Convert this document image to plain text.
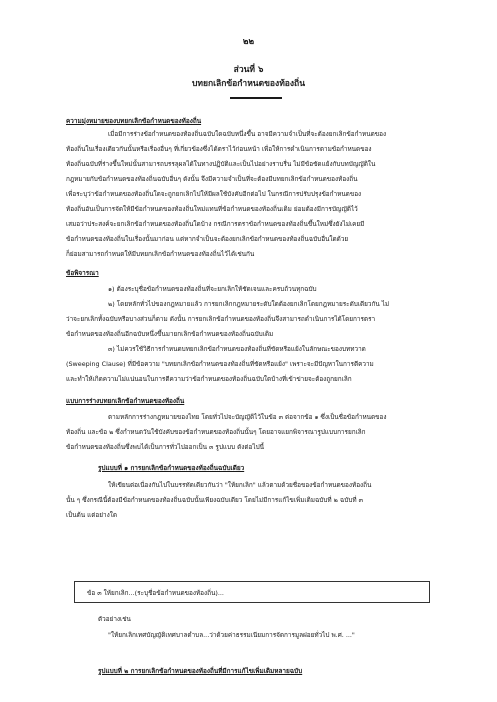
๒๒
ส่วนที่ ๖
บทยกเลิกข้อกำหนดของท้องถิ่น
ความมุ่งหมายของบทยกเลิกข้อกำหนดของท้องถิ่น
เมื่อมีการร่างข้อกำหนดของท้องถิ่นฉบับใดฉบับหนึ่งขึ้น อาจมีความจำเป็นที่จะต้องยกเลิกข้อกำหนดของ
ท้องถิ่นในเรื่องเดียวกันนั้นหรือเรื่องอื่นๆ ที่เกี่ยวข้องซึ่งได้ตราไว้ก่อนหน้า เพื่อให้การดำเนินการตามข้อกำหนดของ
ท้องถิ่นฉบับที่ร่างขึ้นใหม่นั้นสามารถบรรลุผลได้ในทางปฏิบัติและเป็นไปอย่างราบรื่น ไม่มีข้อขัดแย้งกับบทบัญญัติใน
กฎหมายกับข้อกำหนดของท้องถิ่นฉบับอื่นๆ ดังนั้น จึงมีความจำเป็นที่จะต้องมีบทยกเลิกข้อกำหนดของท้องถิ่น
เพื่อระบุว่าข้อกำหนดของท้องถิ่นใดจะถูกยกเลิกไปให้มีผลใช้บังคับอีกต่อไป ในกรณีการปรับปรุงข้อกำหนดของ
ท้องถิ่นอันเป็นการจัดให้มีข้อกำหนดของท้องถิ่นใหม่แทนที่ข้อกำหนดของท้องถิ่นเดิม ย่อมต้องมีการบัญญัติไว้
เสมอว่าประสงค์จะยกเลิกข้อกำหนดของท้องถิ่นใดบ้าง กรณีการตราข้อกำหนดของท้องถิ่นขึ้นใหม่ซึ่งยังไม่เคยมี
ข้อกำหนดของท้องถิ่นในเรื่องนั้นมาก่อน แต่หากจำเป็นจะต้องยกเลิกข้อกำหนดของท้องถิ่นฉบับอื่นใดด้วย
ก็ย่อมสามารถกำหนดให้มีบทยกเลิกข้อกำหนดของท้องถิ่นไว้ได้เช่นกัน
ข้อพิจารณา
๑) ต้องระบุชื่อข้อกำหนดของท้องถิ่นที่จะยกเลิกให้ชัดเจนและครบถ้วนทุกฉบับ
๒) โดยหลักทั่วไปของกฎหมายแล้ว การยกเลิกกฎหมายระดับใดต้องยกเลิกโดยกฎหมายระดับเดียวกัน ไม่
ว่าจะยกเลิกทั้งฉบับหรือบางส่วนก็ตาม ดังนั้น การยกเลิกข้อกำหนดของท้องถิ่นจึงสามารถดำเนินการได้โดยการตรา
ข้อกำหนดของท้องถิ่นอีกฉบับหนึ่งขึ้นมายกเลิกข้อกำหนดของท้องถิ่นฉบับเดิม
๓) ไม่ควรใช้วิธีการกำหนดบทยกเลิกข้อกำหนดของท้องถิ่นที่ขัดหรือแย้งในลักษณะของบททวาด
(Sweeping Clause) ที่มีข้อความ "บทยกเลิกข้อกำหนดของท้องถิ่นที่ขัดหรือแย้ง" เพราะจะมีปัญหาในการตีความ
และทำให้เกิดความไม่แน่นอนในการตีความว่าข้อกำหนดของท้องถิ่นฉบับใดบ้างที่เข้าข่ายจะต้องถูกยกเลิก
แบบการร่างบทยกเลิกข้อกำหนดของท้องถิ่น
ตามหลักการร่างกฎหมายของไทย โดยทั่วไปจะบัญญัติไว้ในข้อ ๓ ต่อจากข้อ ๑ ซึ่งเป็นชื่อข้อกำหนดของ
ท้องถิ่น และข้อ ๒ ซึ่งกำหนดวันใช้บังคับของข้อกำหนดของท้องถิ่นนั้นๆ โดยอาจแยกพิจารณารูปแบบการยกเลิก
ข้อกำหนดของท้องถิ่นซึ่งพบได้เป็นการทั่วไปออกเป็น ๓ รูปแบบ ดังต่อไปนี้
รูปแบบที่ ๑ การยกเลิกข้อกำหนดของท้องถิ่นฉบับเดียว
ให้เขียนต่อเนื่องกันไปในบรรทัดเดียวกันว่า "ให้ยกเลิก" แล้วตามด้วยชื่อของข้อกำหนดของท้องถิ่น
นั้น ๆ ซึ่งกรณีนี้ต้องมีข้อกำหนดของท้องถิ่นฉบับนั้นเพียงฉบับเดียว โดยไม่มีการแก้ไขเพิ่มเติมฉบับที่ ๒ ฉบับที่ ๓
เป็นต้น แต่อย่างใด
ข้อ ๓ ให้ยกเลิก...(ระบุชื่อข้อกำหนดของท้องถิ่น)...
ตัวอย่างเช่น
"ให้ยกเลิกเทศบัญญัติเทศบาลตำบล...ว่าด้วยค่าธรรมเนียมการจัดการมูลฝอยทั่วไป พ.ศ. ..."
รูปแบบที่ ๒ การยกเลิกข้อกำหนดของท้องถิ่นที่มีการแก้ไขเพิ่มเติมหลายฉบับ
